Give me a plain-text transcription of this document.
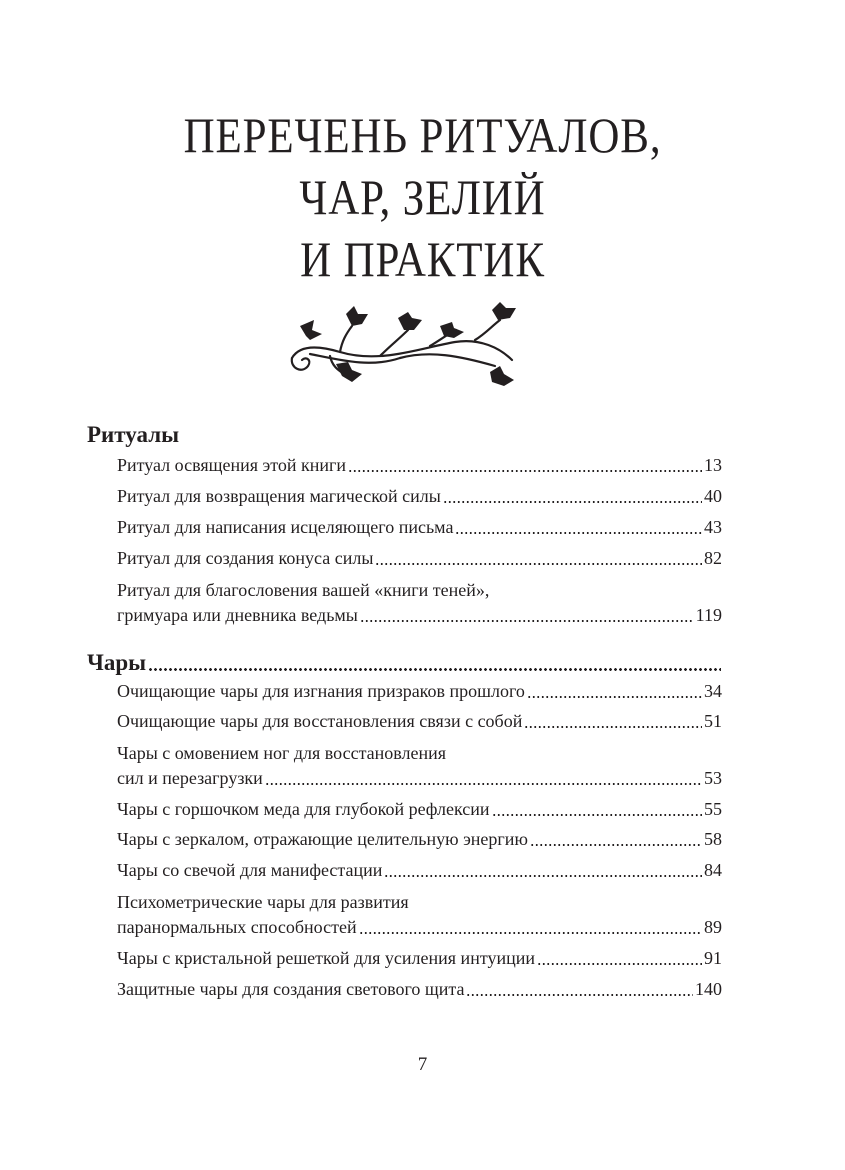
ПЕРЕЧЕНЬ РИТУАЛОВ,
ЧАР, ЗЕЛИЙ
И ПРАКТИК
Ритуалы
Ритуал освящения этой книги	13
Ритуал для возвращения магической силы	40
Ритуал для написания исцеляющего письма	43
Ритуал для создания конуса силы	82
Ритуал для благословения вашей «книги теней»,
гримуара или дневника ведьмы	119
Чары
Очищающие чары для изгнания призраков прошлого	34
Очищающие чары для восстановления связи с собой	51
Чары с омовением ног для восстановления
сил и перезагрузки	53
Чары с горшочком меда для глубокой рефлексии	55
Чары с зеркалом, отражающие целительную энергию	58
Чары со свечой для манифестации	84
Психометрические чары для развития
паранормальных способностей	89
Чары с кристальной решеткой для усиления интуиции	91
Защитные чары для создания светового щита	140
7
